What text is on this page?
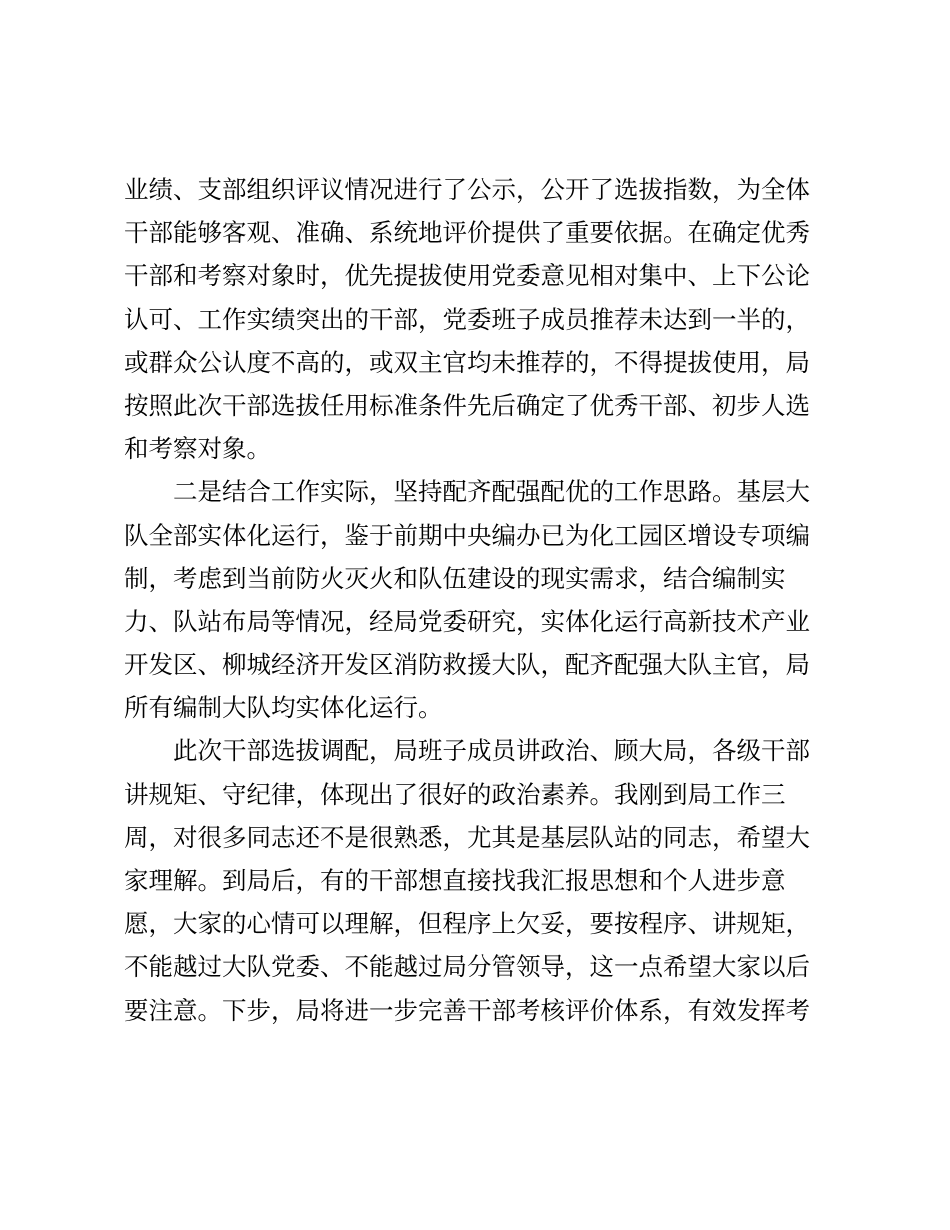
业绩、支部组织评议情况进行了公示，公开了选拔指数，为全体
干部能够客观、准确、系统地评价提供了重要依据。在确定优秀
干部和考察对象时，优先提拔使用党委意见相对集中、上下公论
认可、工作实绩突出的干部，党委班子成员推荐未达到一半的，
或群众公认度不高的，或双主官均未推荐的，不得提拔使用，局
按照此次干部选拔任用标准条件先后确定了优秀干部、初步人选
和考察对象。
　　二是结合工作实际，坚持配齐配强配优的工作思路。基层大
队全部实体化运行，鉴于前期中央编办已为化工园区增设专项编
制，考虑到当前防火灭火和队伍建设的现实需求，结合编制实
力、队站布局等情况，经局党委研究，实体化运行高新技术产业
开发区、柳城经济开发区消防救援大队，配齐配强大队主官，局
所有编制大队均实体化运行。
　　此次干部选拔调配，局班子成员讲政治、顾大局，各级干部
讲规矩、守纪律，体现出了很好的政治素养。我刚到局工作三
周，对很多同志还不是很熟悉，尤其是基层队站的同志，希望大
家理解。到局后，有的干部想直接找我汇报思想和个人进步意
愿，大家的心情可以理解，但程序上欠妥，要按程序、讲规矩，
不能越过大队党委、不能越过局分管领导，这一点希望大家以后
要注意。下步，局将进一步完善干部考核评价体系，有效发挥考
